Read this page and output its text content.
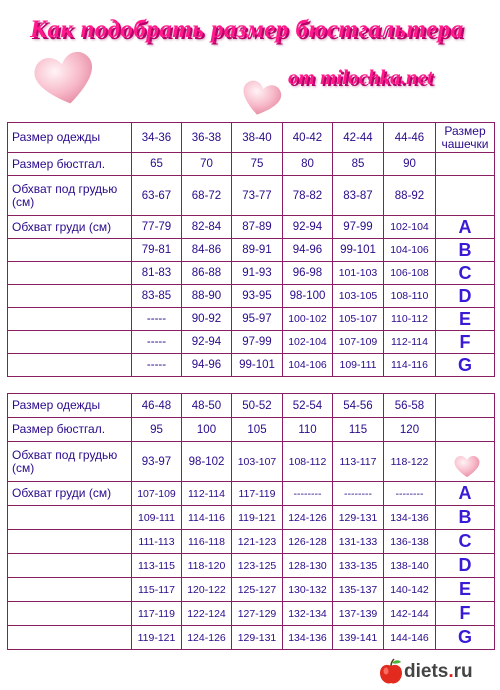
Как подобрать размер бюстгальтера
от milochka.net
Размер одежды	34-36	36-38	38-40	40-42	42-44	44-46	Размер чашечки
Размер бюстгал.	65	70	75	80	85	90	
Обхват под грудью (см)	63-67	68-72	73-77	78-82	83-87	88-92	
Обхват груди (см)	77-79	82-84	87-89	92-94	97-99	102-104	A
	79-81	84-86	89-91	94-96	99-101	104-106	B
	81-83	86-88	91-93	96-98	101-103	106-108	C
	83-85	88-90	93-95	98-100	103-105	108-110	D
	-----	90-92	95-97	100-102	105-107	110-112	E
	-----	92-94	97-99	102-104	107-109	112-114	F
	-----	94-96	99-101	104-106	109-111	114-116	G
Размер одежды	46-48	48-50	50-52	52-54	54-56	56-58	
Размер бюстгал.	95	100	105	110	115	120	
Обхват под грудью (см)	93-97	98-102	103-107	108-112	113-117	118-122	
Обхват груди (см)	107-109	112-114	117-119	--------	--------	--------	A
	109-111	114-116	119-121	124-126	129-131	134-136	B
	111-113	116-118	121-123	126-128	131-133	136-138	C
	113-115	118-120	123-125	128-130	133-135	138-140	D
	115-117	120-122	125-127	130-132	135-137	140-142	E
	117-119	122-124	127-129	132-134	137-139	142-144	F
	119-121	124-126	129-131	134-136	139-141	144-146	G
diets.ru
